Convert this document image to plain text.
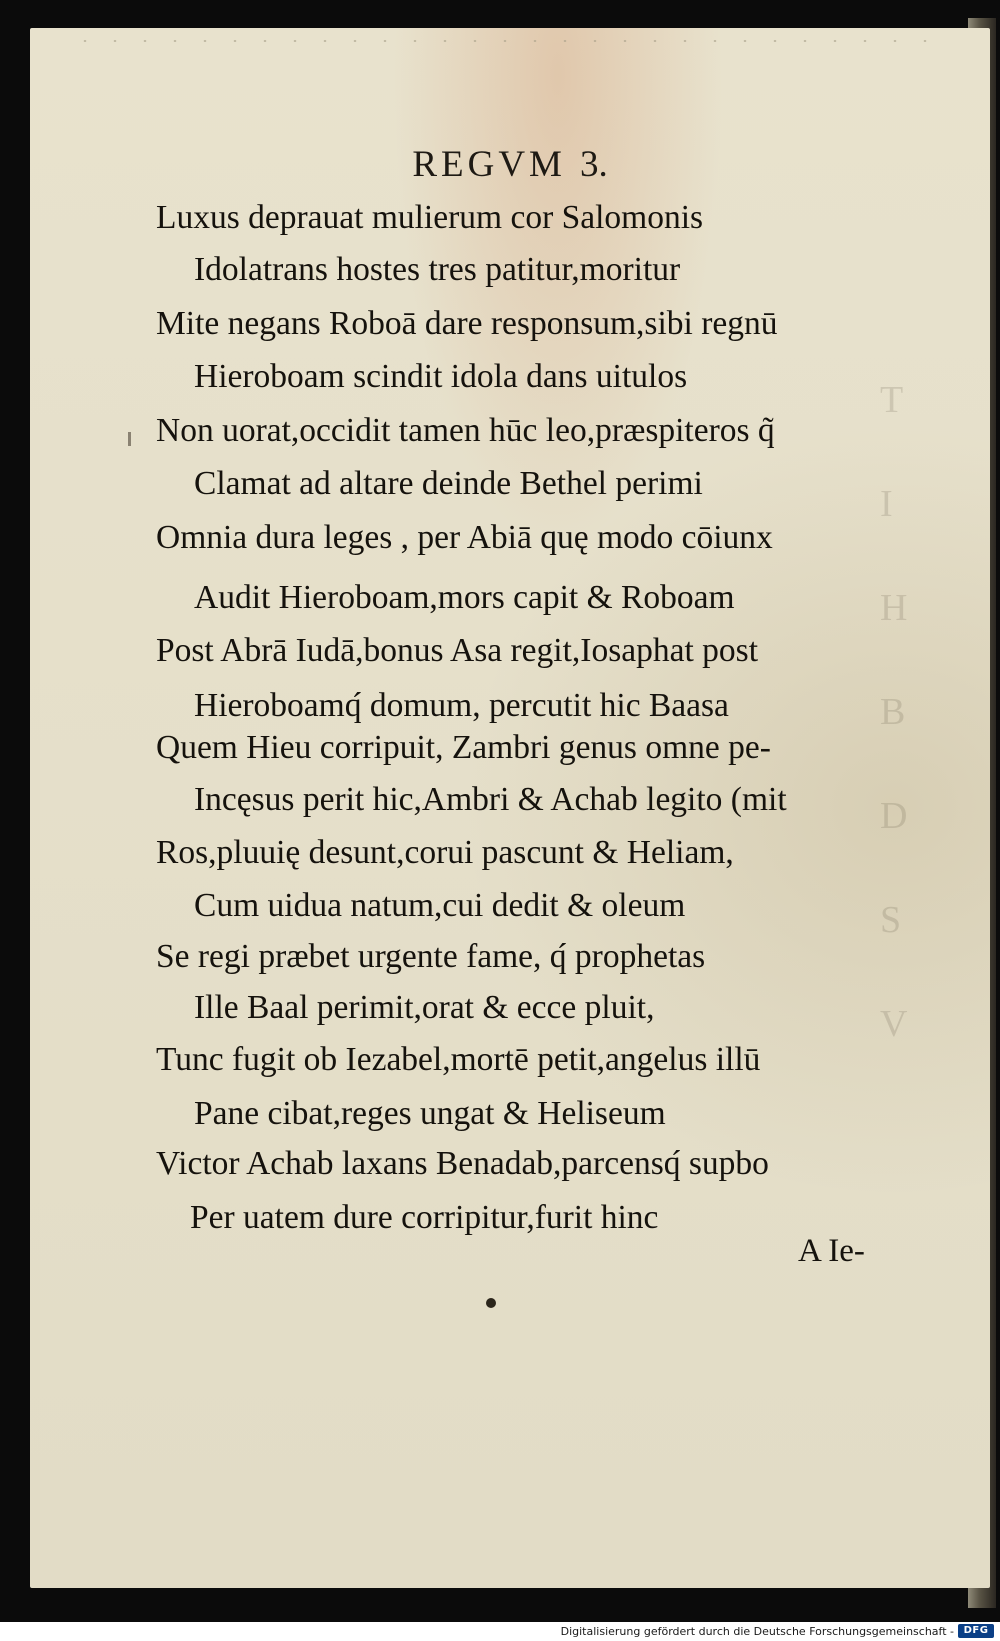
T
I
H
B
D
S
V
REGVM 3.
Luxus deprauat mulierum cor Salomonis
Idolatrans hostes tres patitur,moritur
Mite negans Roboā dare responsum,sibi regnū
Hieroboam scindit idola dans uitulos
Non uorat,occidit tamen hūc leo,præspiteros q̃
Clamat ad altare deinde Bethel perimi
Omnia dura leges , per Abiā quę modo cōiunx
Audit Hieroboam,mors capit & Roboam
Post Abrā Iudā,bonus Asa regit,Iosaphat post
Hieroboamq́ domum, percutit hic Baasa
Quem Hieu corripuit, Zambri genus omne pe-
Incęsus perit hic,Ambri & Achab legito (mit
Ros,pluuię desunt,corui pascunt & Heliam,
Cum uidua natum,cui dedit & oleum
Se regi præbet urgente fame, q́ prophetas
Ille Baal perimit,orat & ecce pluit,
Tunc fugit ob Iezabel,mortē petit,angelus illū
Pane cibat,reges ungat & Heliseum
Victor Achab laxans Benadab,parcensq́ supbo
Per uatem dure corripitur,furit hinc
A Ie-
Digitalisierung gefördert durch die Deutsche Forschungsgemeinschaft - DFG
